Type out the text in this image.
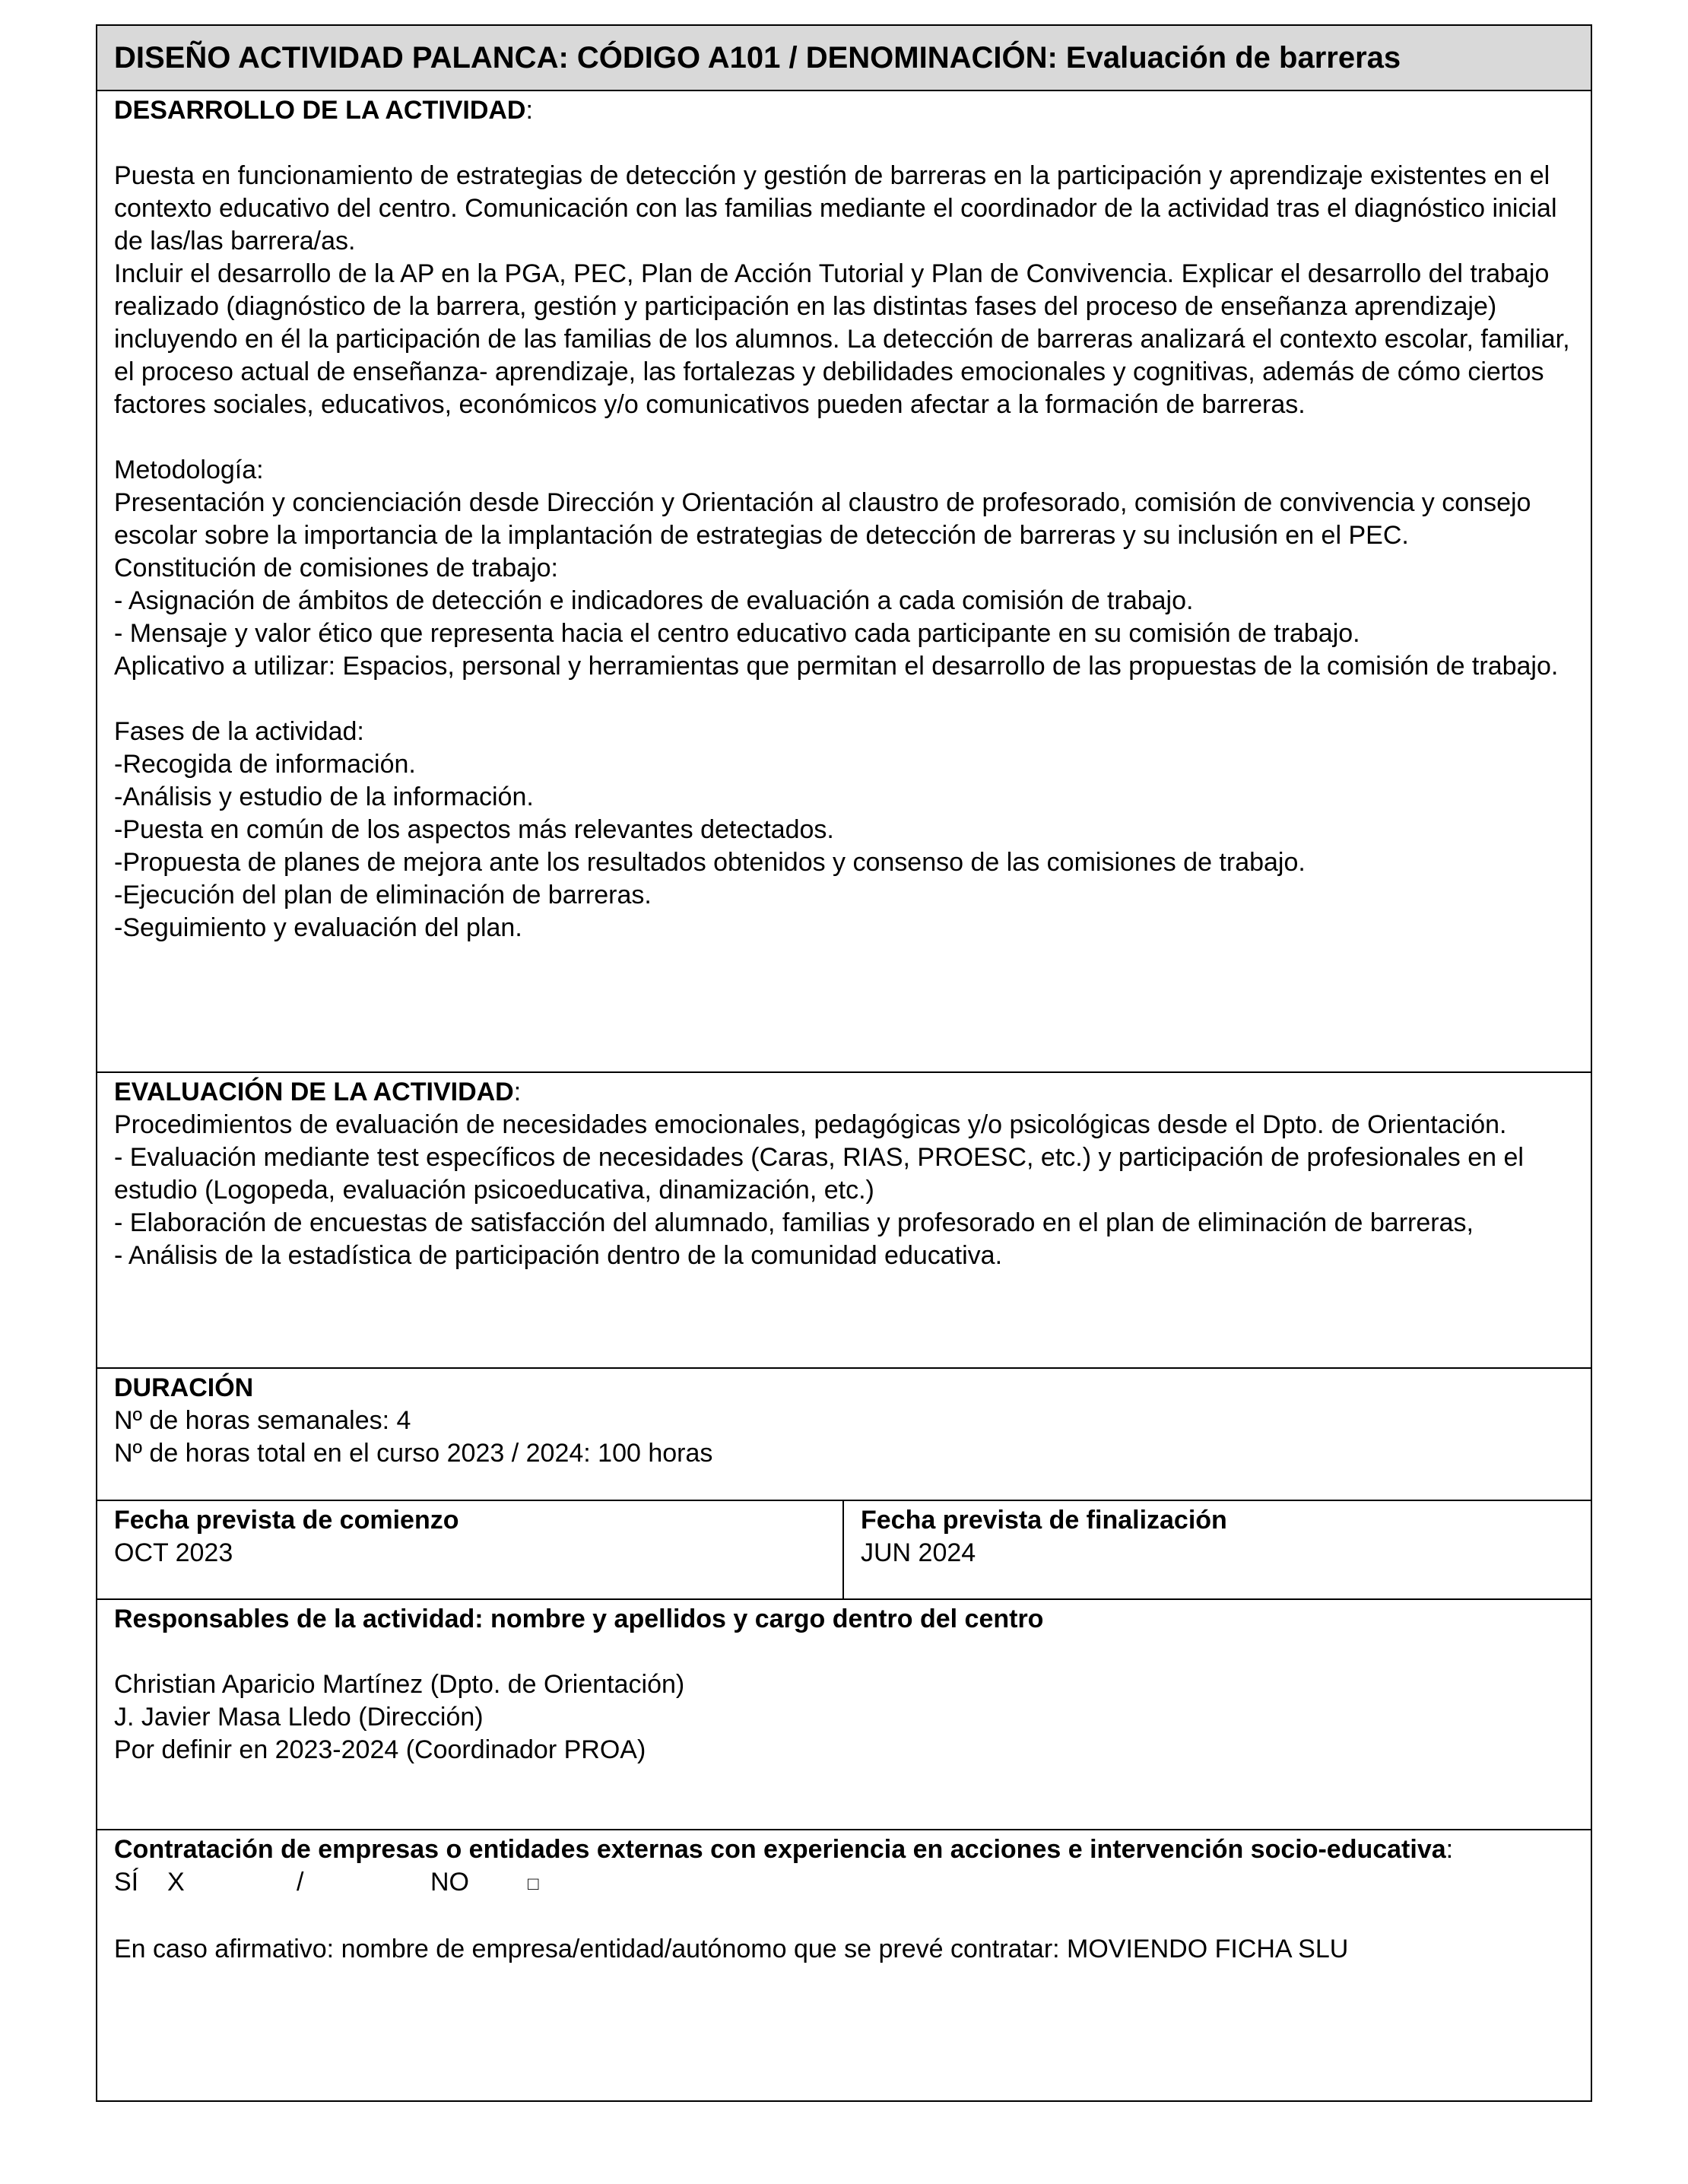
DISEÑO ACTIVIDAD PALANCA: CÓDIGO A101 / DENOMINACIÓN: Evaluación de barreras

DESARROLLO DE LA ACTIVIDAD:

Puesta en funcionamiento de estrategias de detección y gestión de barreras en la participación y aprendizaje existentes en el contexto educativo del centro. Comunicación con las familias mediante el coordinador de la actividad tras el diagnóstico inicial de las/las barrera/as.

Incluir el desarrollo de la AP en la PGA, PEC, Plan de Acción Tutorial y Plan de Convivencia. Explicar el desarrollo del trabajo realizado (diagnóstico de la barrera, gestión y participación en las distintas fases del proceso de enseñanza aprendizaje) incluyendo en él la participación de las familias de los alumnos. La detección de barreras analizará el contexto escolar, familiar, el proceso actual de enseñanza- aprendizaje, las fortalezas y debilidades emocionales y cognitivas, además de cómo ciertos factores sociales, educativos, económicos y/o comunicativos pueden afectar a la formación de barreras.

Metodología:

Presentación y concienciación desde Dirección y Orientación al claustro de profesorado, comisión de convivencia y consejo escolar sobre la importancia de la implantación de estrategias de detección de barreras y su inclusión en el PEC.

Constitución de comisiones de trabajo:

- Asignación de ámbitos de detección e indicadores de evaluación a cada comisión de trabajo.

- Mensaje y valor ético que representa hacia el centro educativo cada participante en su comisión de trabajo.

Aplicativo a utilizar: Espacios, personal y herramientas que permitan el desarrollo de las propuestas de la comisión de trabajo.

Fases de la actividad:

-Recogida de información.

-Análisis y estudio de la información.

-Puesta en común de los aspectos más relevantes detectados.

-Propuesta de planes de mejora ante los resultados obtenidos y consenso de las comisiones de trabajo.

-Ejecución del plan de eliminación de barreras.

-Seguimiento y evaluación del plan.

EVALUACIÓN DE LA ACTIVIDAD:

Procedimientos de evaluación de necesidades emocionales, pedagógicas y/o psicológicas desde el Dpto. de Orientación.

- Evaluación mediante test específicos de necesidades (Caras, RIAS, PROESC, etc.) y participación de profesionales en el estudio (Logopeda, evaluación psicoeducativa, dinamización, etc.)

- Elaboración de encuestas de satisfacción del alumnado, familias y profesorado en el plan de eliminación de barreras,

- Análisis de la estadística de participación dentro de la comunidad educativa.

DURACIÓN

Nº de horas semanales: 4

Nº de horas total en el curso 2023 / 2024: 100 horas

Fecha prevista de comienzo

OCT 2023

Fecha prevista de finalización

JUN 2024

Responsables de la actividad: nombre y apellidos y cargo dentro del centro

Christian Aparicio Martínez (Dpto. de Orientación)

J. Javier Masa Lledo (Dirección)

Por definir en 2023-2024 (Coordinador PROA)

Contratación de empresas o entidades externas con experiencia en acciones e intervención socio-educativa:

SÍ X	/	NO	□

En caso afirmativo: nombre de empresa/entidad/autónomo que se prevé contratar: MOVIENDO FICHA SLU
